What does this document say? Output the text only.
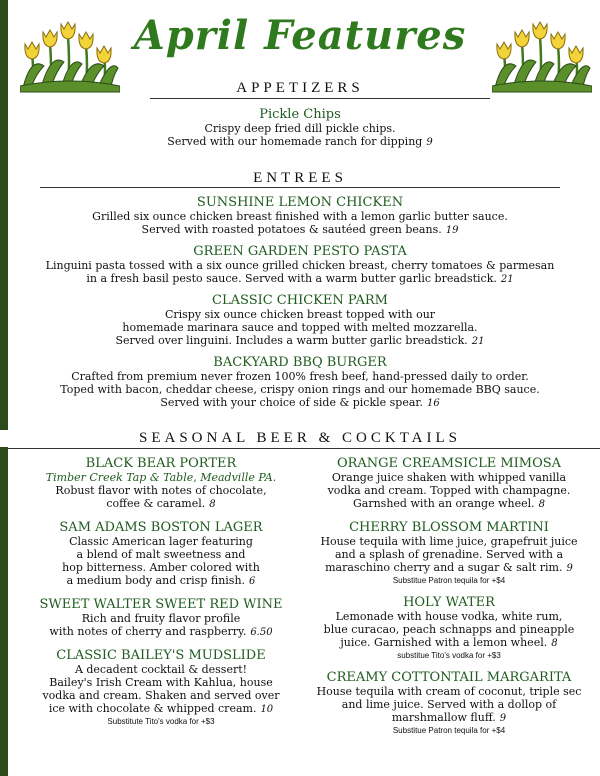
April Features
APPETIZERS
Pickle Chips
Crispy deep fried dill pickle chips.
Served with our homemade ranch for dipping 9
ENTREES
SUNSHINE LEMON CHICKEN
Grilled six ounce chicken breast finished with a lemon garlic butter sauce.
Served with roasted potatoes & sautéed green beans. 19
GREEN GARDEN PESTO PASTA
Linguini pasta tossed with a six ounce grilled chicken breast, cherry tomatoes & parmesan
in a fresh basil pesto sauce. Served with a warm butter garlic breadstick. 21
CLASSIC CHICKEN PARM
Crispy six ounce chicken breast topped with our
homemade marinara sauce and topped with melted mozzarella.
Served over linguini. Includes a warm butter garlic breadstick. 21
BACKYARD BBQ BURGER
Crafted from premium never frozen 100% fresh beef, hand-pressed daily to order.
Toped with bacon, cheddar cheese, crispy onion rings and our homemade BBQ sauce.
Served with your choice of side & pickle spear. 16
SEASONAL BEER & COCKTAILS
BLACK BEAR PORTER
Timber Creek Tap & Table, Meadville PA.
Robust flavor with notes of chocolate,
coffee & caramel. 8
SAM ADAMS BOSTON LAGER
Classic American lager featuring
a blend of malt sweetness and
hop bitterness. Amber colored with
a medium body and crisp finish. 6
SWEET WALTER SWEET RED WINE
Rich and fruity flavor profile
with notes of cherry and raspberry. 6.50
CLASSIC BAILEY'S MUDSLIDE
A decadent cocktail & dessert!
Bailey's Irish Cream with Kahlua, house
vodka and cream. Shaken and served over
ice with chocolate & whipped cream. 10
Substitute Tito's vodka for +$3
ORANGE CREAMSICLE MIMOSA
Orange juice shaken with whipped vanilla
vodka and cream. Topped with champagne.
Garnshed with an orange wheel. 8
CHERRY BLOSSOM MARTINI
House tequila with lime juice, grapefruit juice
and a splash of grenadine. Served with a
maraschino cherry and a sugar & salt rim. 9
Substitue Patron tequila for +$4
HOLY WATER
Lemonade with house vodka, white rum,
blue curacao, peach schnapps and pineapple
juice. Garnished with a lemon wheel. 8
substitue Tito's vodka for +$3
CREAMY COTTONTAIL MARGARITA
House tequila with cream of coconut, triple sec
and lime juice. Served with a dollop of
marshmallow fluff. 9
Substitue Patron tequila for +$4
